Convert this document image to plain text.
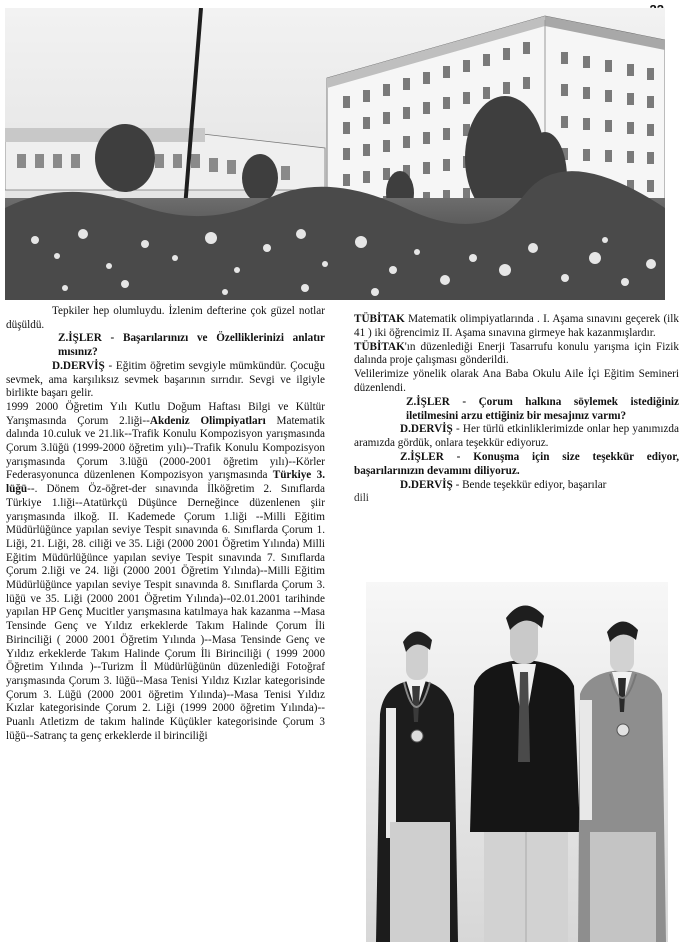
Tepkiler hep olumluydu. İzlenim defterine çok güzel notlar düşüldü.

Z.İŞLER - Başarılarınızı ve Özelliklerinizi anlatır mısınız?

D.DERVİŞ - Eğitim öğretim sevgiyle mümkündür. Çocuğu sevmek, ama karşılıksız sevmek başarının sırrıdır. Sevgi ve ilgiyle birlikte başarı gelir.

1999 2000 Öğretim Yılı Kutlu Doğum Haftası Bilgi ve Kültür Yarışmasında Çorum 2.liği--Akdeniz Olimpiyatları Matematik dalında 10.culuk ve 21.lik--Trafik Konulu Kompozisyon yarışmasında Çorum 3.lüğü (1999-2000 öğretim yılı)--Trafik Konulu Kompozisyon yarışmasında Çorum 3.lüğü (2000-2001 öğretim yılı)--Körler Federasyonunca düzenlenen Kompozisyon yarışmasında Türkiye 3. lüğü--. Dönem Öz-öğret-der sınavında İlköğretim 2. Sınıflarda Türkiye 1.liği--Atatürkçü Düşünce Derneğince düzenlenen şiir yarışmasında ilkoğ. II. Kademede Çorum 1.liği --Milli Eğitim Müdürlüğünce yapılan seviye Tespit sınavında 6. Sınıflarda Çorum 1. Liği, 21. Liği, 28. ciliği ve 35. Liği (2000 2001 Öğretim Yılında) Milli Eğitim Müdürlüğünce yapılan seviye Tespit sınavında 7. Sınıflarda Çorum 2.liği ve 24. liği (2000 2001 Öğretim Yılında)--Milli Eğitim Müdürlüğünce yapılan seviye Tespit sınavında 8. Sınıflarda Çorum 3. lüğü ve 35. Liği (2000 2001 Öğretim Yılında)--02.01.2001 tarihinde yapılan HP Genç Mucitler yarışmasına katılmaya hak kazanma --Masa Tensinde Genç ve Yıldız erkeklerde Takım Halinde Çorum İli Birinciliği ( 2000 2001 Öğretim Yılında )--Masa Tensinde Genç ve Yıldız erkeklerde Takım Halinde Çorum İli Birinciliği ( 1999 2000 Öğretim Yılında )--Turizm İl Müdürlüğünün düzenlediği Fotoğraf yarışmasında Çorum 3. lüğü--Masa Tenisi Yıldız Kızlar kategorisinde Çorum 3. Lüğü (2000 2001 öğretim Yılında)--Masa Tenisi Yıldız Kızlar kategorisinde Çorum 2. Liği (1999 2000 öğretim Yılında)--Puanlı Atletizm de takım halinde Küçükler kategorisinde Çorum 3 lüğü--Satranç ta genç erkeklerde il birinciliği

TÜBİTAK Matematik olimpiyatlarında . I. Aşama sınavını geçerek (ilk 41 ) iki öğrencimiz II. Aşama sınavına girmeye hak kazanmışlardır.

TÜBİTAK'ın düzenlediği Enerji Tasarrufu konulu yarışma için Fizik dalında proje çalışması gönderildi.

Velilerimize yönelik olarak Ana Baba Okulu Aile İçi Eğitim Semineri düzenlendi.

Z.İŞLER - Çorum halkına söylemek istediğiniz iletilmesini arzu ettiğiniz bir mesajınız varmı?

D.DERVİŞ - Her türlü etkinliklerimizde onlar hep yanımızda aramızda gördük, onlara teşekkür ediyoruz.

Z.İŞLER - Konuşma için size teşekkür ediyor, başarılarınızın devamını diliyoruz.

D.DERVİŞ - Bende teşekkür ediyor, başarılar

dili
